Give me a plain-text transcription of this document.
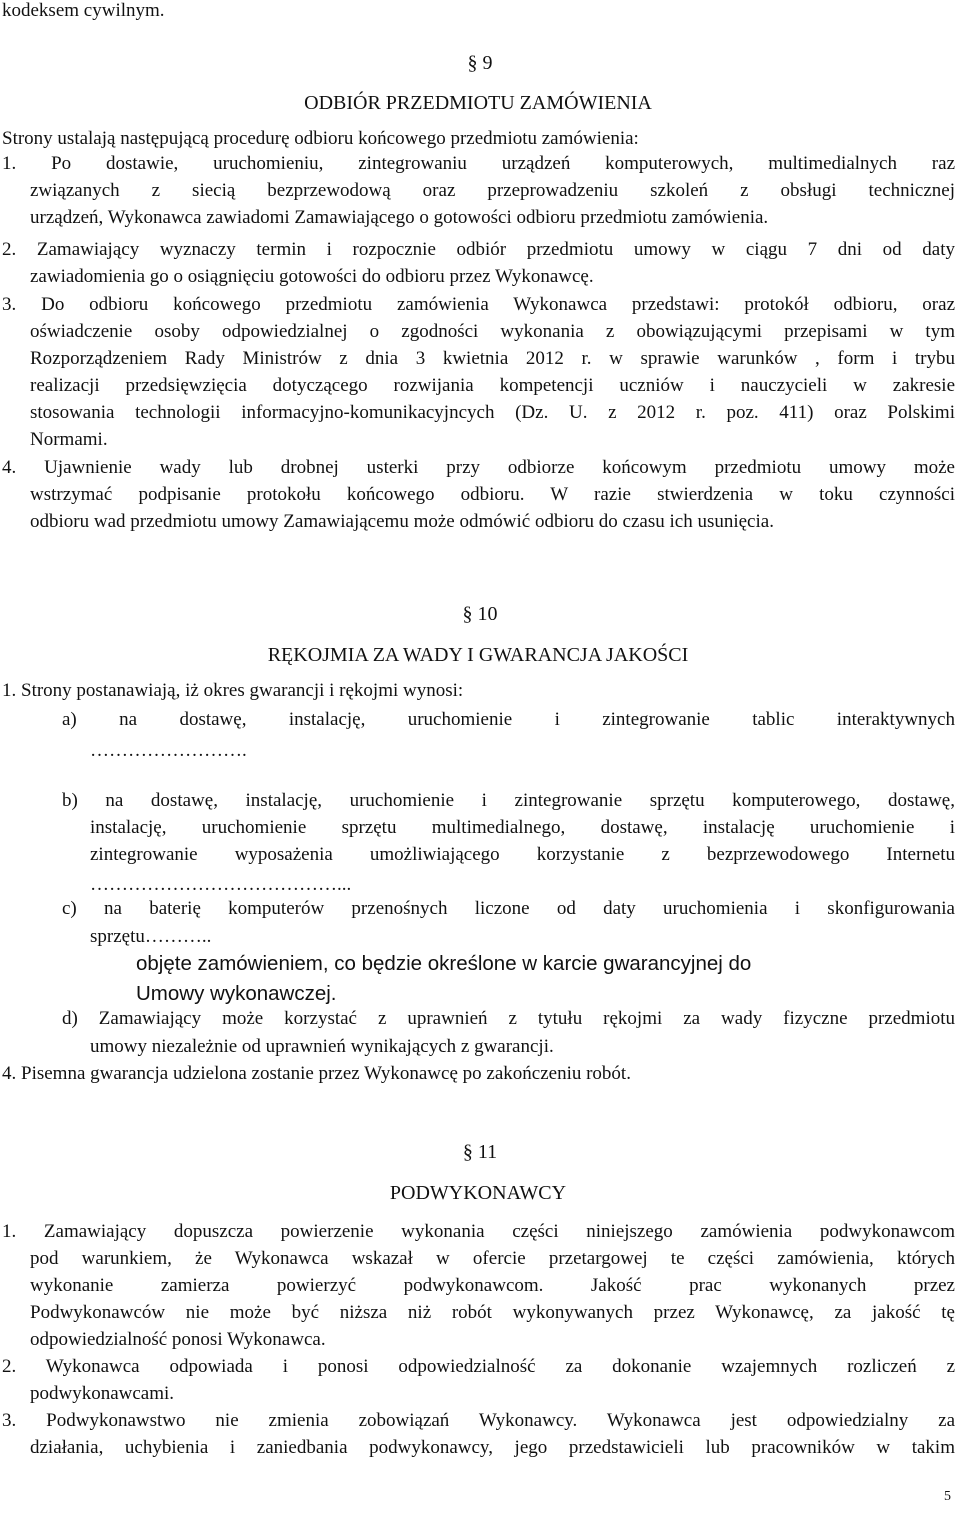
kodeksem cywilnym.
§ 9
ODBIÓR PRZEDMIOTU ZAMÓWIENIA
Strony ustalają następującą procedurę odbioru końcowego przedmiotu zamówienia:
1. Po dostawie, uruchomieniu, zintegrowaniu urządzeń komputerowych, multimedialnych raz
związanych z siecią bezprzewodową oraz przeprowadzeniu szkoleń z obsługi technicznej
urządzeń, Wykonawca zawiadomi Zamawiającego o gotowości odbioru przedmiotu zamówienia.
2. Zamawiający wyznaczy termin i rozpocznie odbiór przedmiotu umowy w ciągu 7 dni od daty
zawiadomienia go o osiągnięciu gotowości do odbioru przez Wykonawcę.
3. Do odbioru końcowego przedmiotu zamówienia Wykonawca przedstawi: protokół odbioru, oraz
oświadczenie osoby odpowiedzialnej o zgodności wykonania z obowiązującymi przepisami w tym
Rozporządzeniem Rady Ministrów z dnia 3 kwietnia 2012 r. w sprawie warunków , form i trybu
realizacji przedsięwzięcia dotyczącego rozwijania kompetencji uczniów i nauczycieli w zakresie
stosowania technologii informacyjno-komunikacyjncych (Dz. U. z 2012 r. poz. 411) oraz Polskimi
Normami.
4. Ujawnienie wady lub drobnej usterki przy odbiorze końcowym przedmiotu umowy może
wstrzymać podpisanie protokołu końcowego odbioru. W razie stwierdzenia w toku czynności
odbioru wad przedmiotu umowy Zamawiającemu może odmówić odbioru do czasu ich usunięcia.
§ 10
RĘKOJMIA ZA WADY I GWARANCJA JAKOŚCI
1. Strony postanawiają, iż okres gwarancji i rękojmi wynosi:
a) na dostawę, instalację, uruchomienie i zintegrowanie tablic interaktywnych
…………………….
b) na dostawę, instalację, uruchomienie i zintegrowanie sprzętu komputerowego, dostawę,
instalację, uruchomienie sprzętu multimedialnego, dostawę, instalację uruchomienie i
zintegrowanie wyposażenia umożliwiającego korzystanie z bezprzewodowego Internetu
…………………………………...
c) na baterię komputerów przenośnych liczone od daty uruchomienia i skonfigurowania
sprzętu………..
objęte zamówieniem, co będzie określone w karcie gwarancyjnej do
Umowy wykonawczej.
d) Zamawiający może korzystać z uprawnień z tytułu rękojmi za wady fizyczne przedmiotu
umowy niezależnie od uprawnień wynikających z gwarancji.
4. Pisemna gwarancja udzielona zostanie przez Wykonawcę po zakończeniu robót.
§ 11
PODWYKONAWCY
1. Zamawiający dopuszcza powierzenie wykonania części niniejszego zamówienia podwykonawcom
pod warunkiem, że Wykonawca wskazał w ofercie przetargowej te części zamówienia, których
wykonanie zamierza powierzyć podwykonawcom. Jakość prac wykonanych przez
Podwykonawców nie może być niższa niż robót wykonywanych przez Wykonawcę, za jakość tę
odpowiedzialność ponosi Wykonawca.
2. Wykonawca odpowiada i ponosi odpowiedzialność za dokonanie wzajemnych rozliczeń z
podwykonawcami.
3. Podwykonawstwo nie zmienia zobowiązań Wykonawcy. Wykonawca jest odpowiedzialny za
działania, uchybienia i zaniedbania podwykonawcy, jego przedstawicieli lub pracowników w takim
5
